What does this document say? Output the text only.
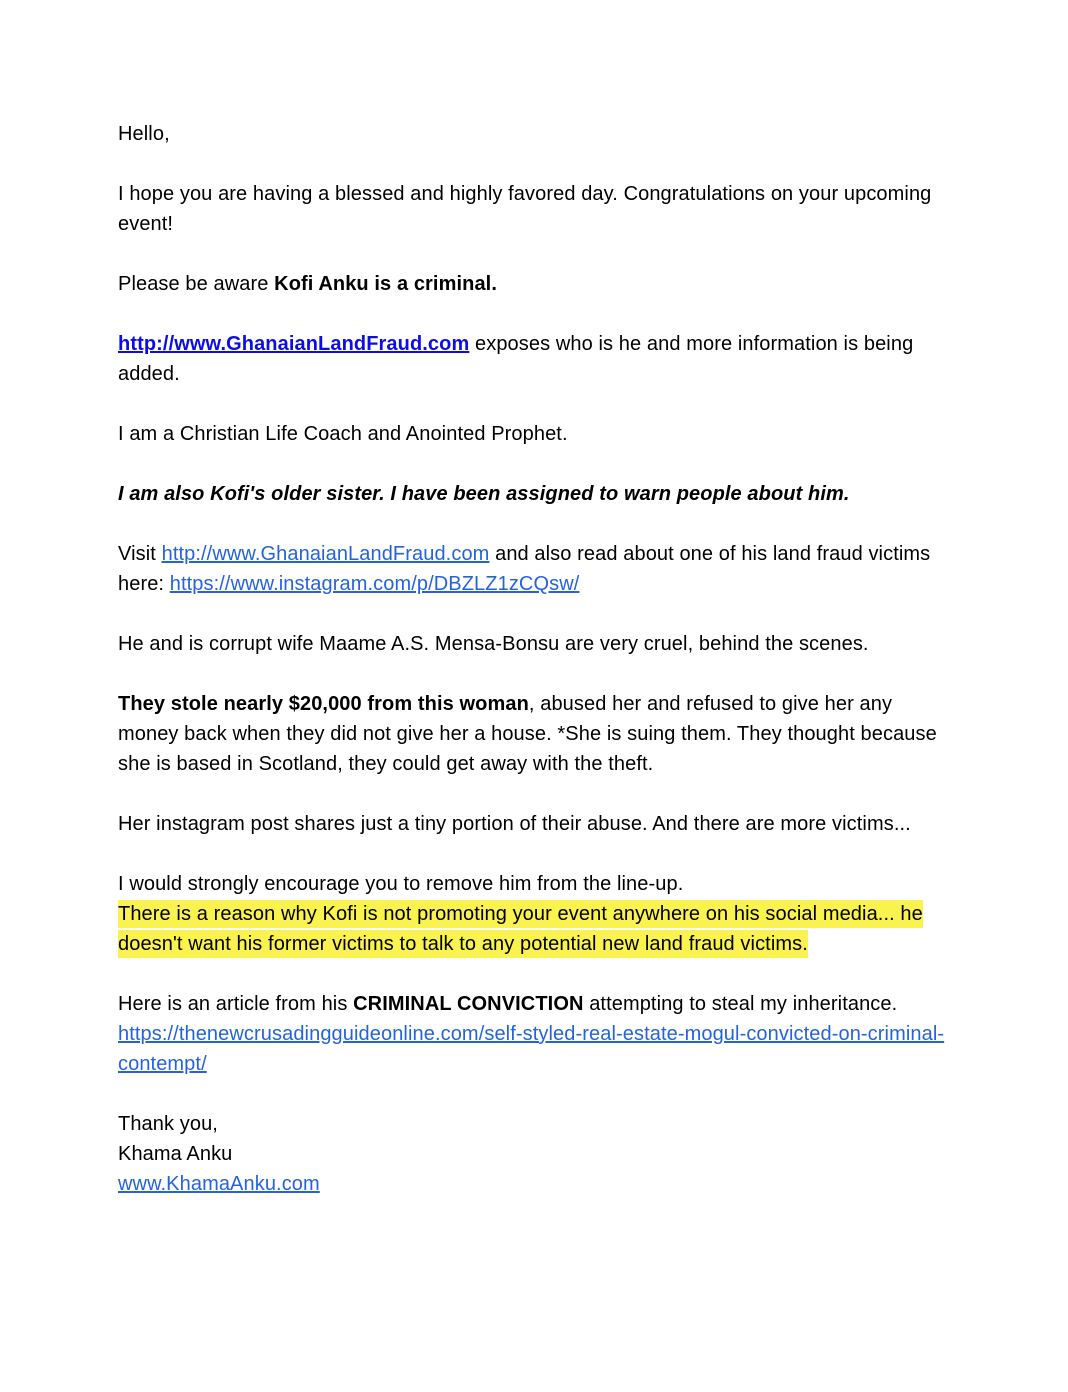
Hello,

I hope you are having a blessed and highly favored day. Congratulations on your upcoming event!

Please be aware Kofi Anku is a criminal.

http://www.GhanaianLandFraud.com exposes who is he and more information is being added.

I am a Christian Life Coach and Anointed Prophet.

I am also Kofi's older sister. I have been assigned to warn people about him.

Visit http://www.GhanaianLandFraud.com and also read about one of his land fraud victims here: https://www.instagram.com/p/DBZLZ1zCQsw/

He and is corrupt wife Maame A.S. Mensa-Bonsu are very cruel, behind the scenes.

They stole nearly $20,000 from this woman, abused her and refused to give her any money back when they did not give her a house. *She is suing them. They thought because she is based in Scotland, they could get away with the theft.

Her instagram post shares just a tiny portion of their abuse. And there are more victims...

I would strongly encourage you to remove him from the line-up.
There is a reason why Kofi is not promoting your event anywhere on his social media... he doesn't want his former victims to talk to any potential new land fraud victims.

Here is an article from his CRIMINAL CONVICTION attempting to steal my inheritance.
https://thenewcrusadingguideonline.com/self-styled-real-estate-mogul-convicted-on-criminal-contempt/

Thank you,
Khama Anku
www.KhamaAnku.com
